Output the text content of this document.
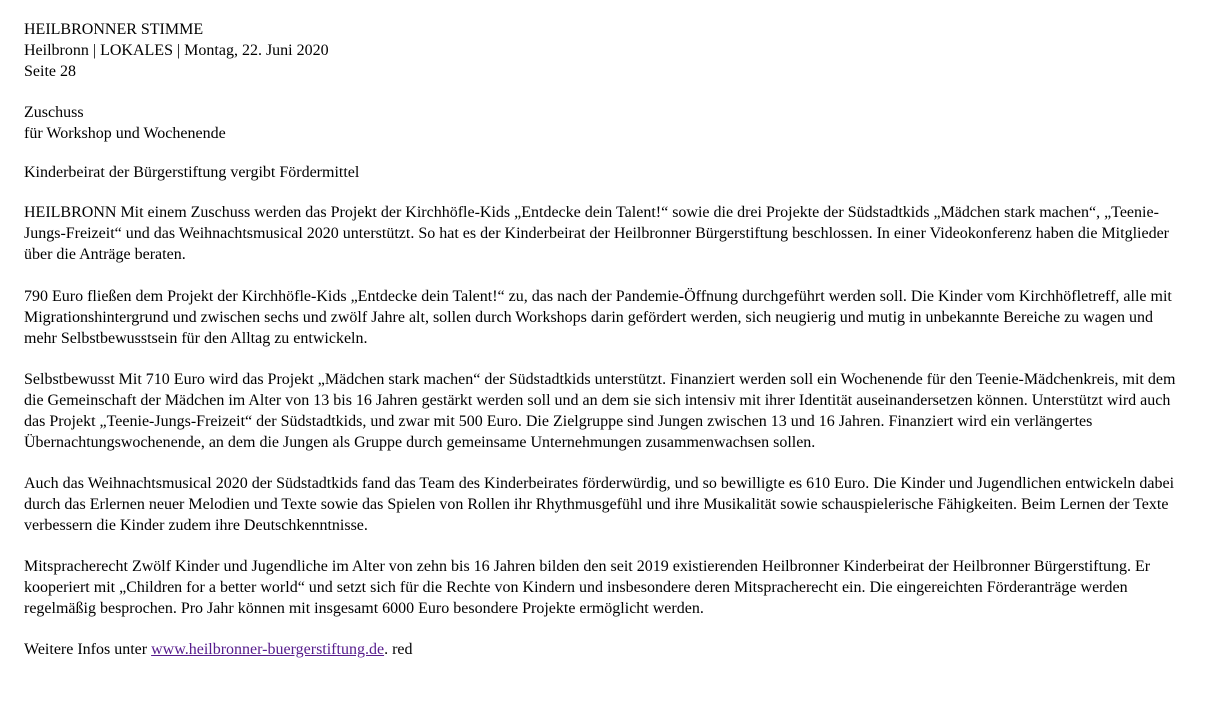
HEILBRONNER STIMME
Heilbronn | LOKALES | Montag, 22. Juni 2020
Seite 28
Zuschuss
für Workshop und Wochenende

Kinderbeirat der Bürgerstiftung vergibt Fördermittel

HEILBRONN Mit einem Zuschuss werden das Projekt der Kirchhöfle-Kids „Entdecke dein Talent!“ sowie die drei Projekte der Südstadtkids „Mädchen stark machen“, „Teenie-Jungs-Freizeit“ und das Weihnachtsmusical 2020 unterstützt. So hat es der Kinderbeirat der Heilbronner Bürgerstiftung beschlossen. In einer Videokonferenz haben die Mitglieder über die Anträge beraten.

790 Euro fließen dem Projekt der Kirchhöfle-Kids „Entdecke dein Talent!“ zu, das nach der Pandemie-Öffnung durchgeführt werden soll. Die Kinder vom Kirchhöfletreff, alle mit Migrationshintergrund und zwischen sechs und zwölf Jahre alt, sollen durch Workshops darin gefördert werden, sich neugierig und mutig in unbekannte Bereiche zu wagen und mehr Selbstbewusstsein für den Alltag zu entwickeln.

Selbstbewusst Mit 710 Euro wird das Projekt „Mädchen stark machen“ der Südstadtkids unterstützt. Finanziert werden soll ein Wochenende für den Teenie-Mädchenkreis, mit dem die Gemeinschaft der Mädchen im Alter von 13 bis 16 Jahren gestärkt werden soll und an dem sie sich intensiv mit ihrer Identität auseinandersetzen können. Unterstützt wird auch das Projekt „Teenie-Jungs-Freizeit“ der Südstadtkids, und zwar mit 500 Euro. Die Zielgruppe sind Jungen zwischen 13 und 16 Jahren. Finanziert wird ein verlängertes Übernachtungswochenende, an dem die Jungen als Gruppe durch gemeinsame Unternehmungen zusammenwachsen sollen.

Auch das Weihnachtsmusical 2020 der Südstadtkids fand das Team des Kinderbeirates förderwürdig, und so bewilligte es 610 Euro. Die Kinder und Jugendlichen entwickeln dabei durch das Erlernen neuer Melodien und Texte sowie das Spielen von Rollen ihr Rhythmusgefühl und ihre Musikalität sowie schauspielerische Fähigkeiten. Beim Lernen der Texte verbessern die Kinder zudem ihre Deutschkenntnisse.

Mitspracherecht Zwölf Kinder und Jugendliche im Alter von zehn bis 16 Jahren bilden den seit 2019 existierenden Heilbronner Kinderbeirat der Heilbronner Bürgerstiftung. Er kooperiert mit „Children for a better world“ und setzt sich für die Rechte von Kindern und insbesondere deren Mitspracherecht ein. Die eingereichten Förderanträge werden regelmäßig besprochen. Pro Jahr können mit insgesamt 6000 Euro besondere Projekte ermöglicht werden.

Weitere Infos unter www.heilbronner-buergerstiftung.de. red
